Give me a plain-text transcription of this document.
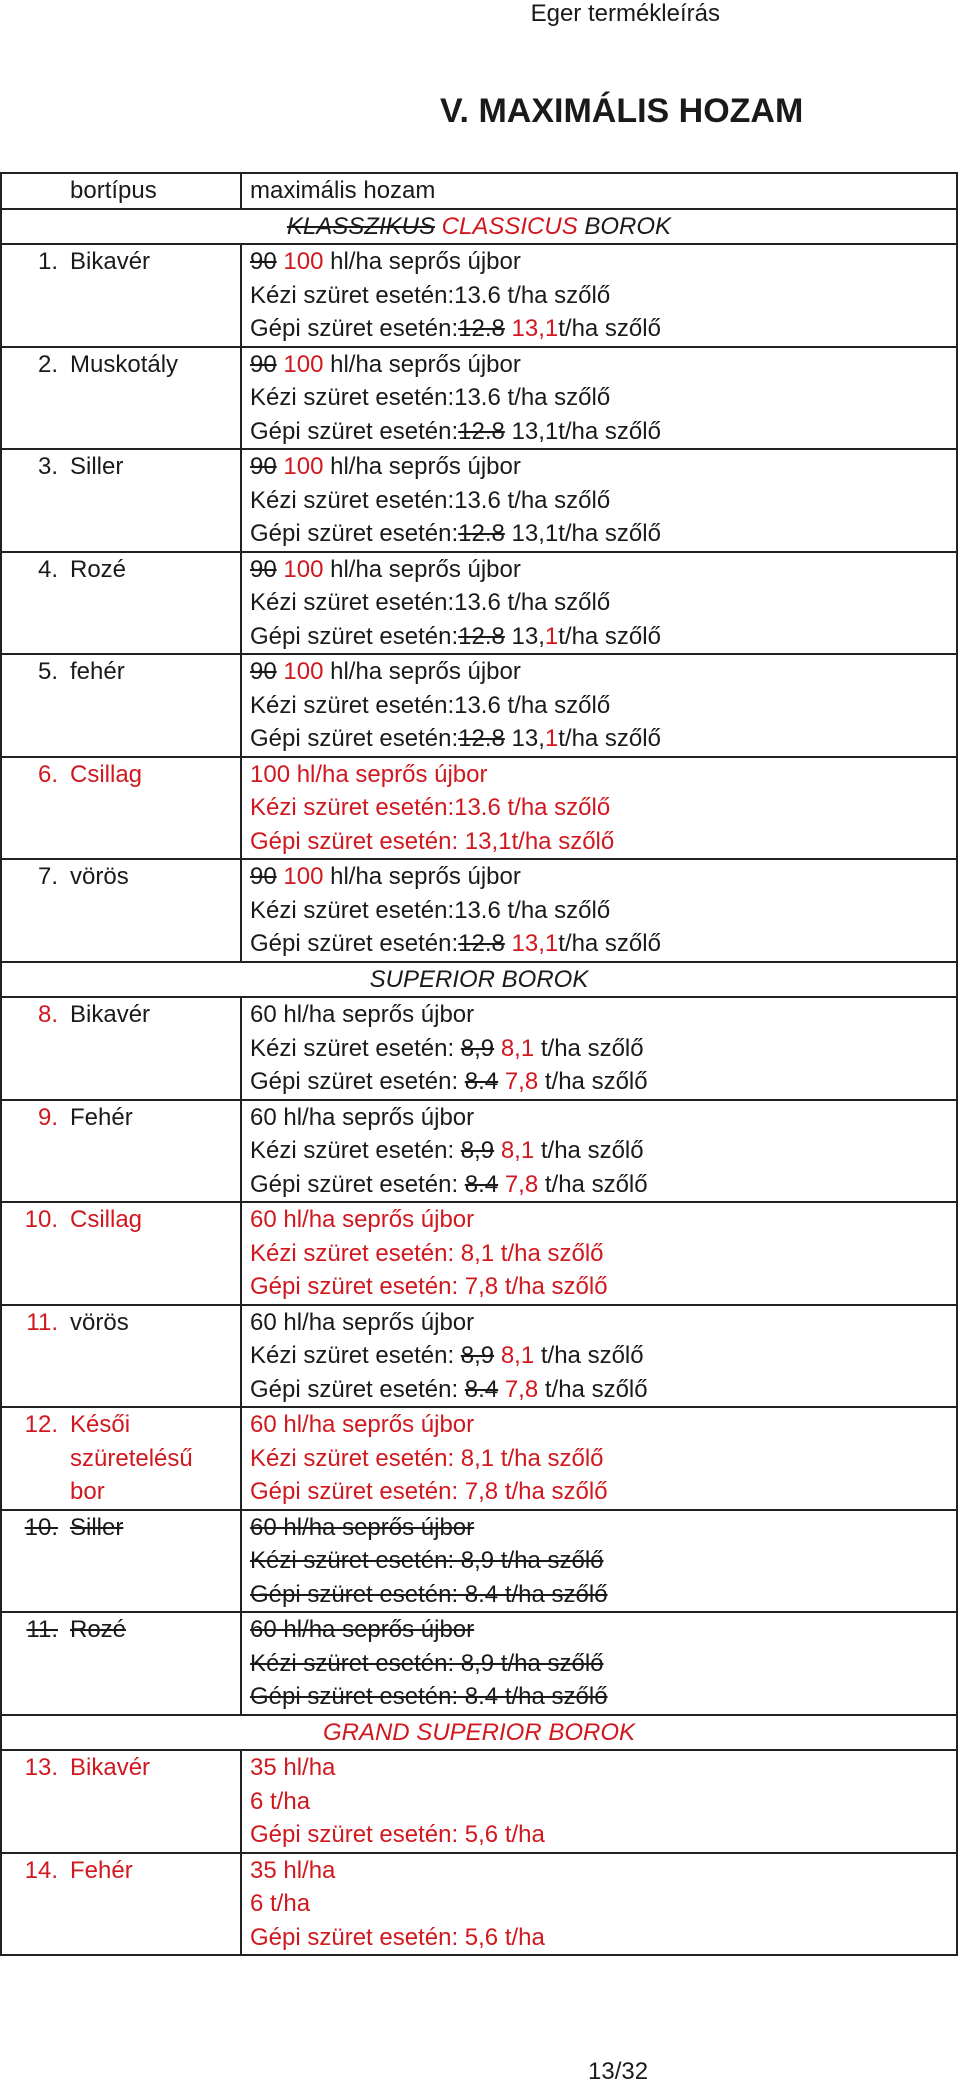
Eger termékleírás
V. MAXIMÁLIS HOZAM
	bortípus	maximális hozam
KLASSZIKUS CLASSICUS BOROK		
1.	Bikavér	90 100 hl/ha seprős újbor
Kézi szüret esetén:13.6 t/ha szőlő
Gépi szüret esetén:12.8 13,1t/ha szőlő

2.	Muskotály	90 100 hl/ha seprős újbor
Kézi szüret esetén:13.6 t/ha szőlő
Gépi szüret esetén:12.8 13,1t/ha szőlő

3.	Siller	90 100 hl/ha seprős újbor
Kézi szüret esetén:13.6 t/ha szőlő
Gépi szüret esetén:12.8 13,1t/ha szőlő

4.	Rozé	90 100 hl/ha seprős újbor
Kézi szüret esetén:13.6 t/ha szőlő
Gépi szüret esetén:12.8 13,1t/ha szőlő

5.	fehér	90 100 hl/ha seprős újbor
Kézi szüret esetén:13.6 t/ha szőlő
Gépi szüret esetén:12.8 13,1t/ha szőlő

6.	Csillag	100 hl/ha seprős újbor
Kézi szüret esetén:13.6 t/ha szőlő
Gépi szüret esetén: 13,1t/ha szőlő

7.	vörös	90 100 hl/ha seprős újbor
Kézi szüret esetén:13.6 t/ha szőlő
Gépi szüret esetén:12.8 13,1t/ha szőlő

SUPERIOR BOROK		
8.	Bikavér	60 hl/ha seprős újbor
Kézi szüret esetén: 8,9 8,1 t/ha szőlő
Gépi szüret esetén: 8.4 7,8 t/ha szőlő

9.	Fehér	60 hl/ha seprős újbor
Kézi szüret esetén: 8,9 8,1 t/ha szőlő
Gépi szüret esetén: 8.4 7,8 t/ha szőlő

10.	Csillag	60 hl/ha seprős újbor
Kézi szüret esetén: 8,1 t/ha szőlő
Gépi szüret esetén: 7,8 t/ha szőlő

11.	vörös	60 hl/ha seprős újbor
Kézi szüret esetén: 8,9 8,1 t/ha szőlő
Gépi szüret esetén: 8.4 7,8 t/ha szőlő

12.	Késői
szüretelésű
bor	60 hl/ha seprős újbor
Kézi szüret esetén: 8,1 t/ha szőlő
Gépi szüret esetén: 7,8 t/ha szőlő

10.	Siller	60 hl/ha seprős újbor
Kézi szüret esetén: 8,9 t/ha szőlő
Gépi szüret esetén: 8.4 t/ha szőlő

11.	Rozé	60 hl/ha seprős újbor
Kézi szüret esetén: 8,9 t/ha szőlő
Gépi szüret esetén: 8.4 t/ha szőlő

GRAND SUPERIOR BOROK		
13.	Bikavér	35 hl/ha
6 t/ha
Gépi szüret esetén: 5,6 t/ha

14.	Fehér	35 hl/ha
6 t/ha
Gépi szüret esetén: 5,6 t/ha
13/32
